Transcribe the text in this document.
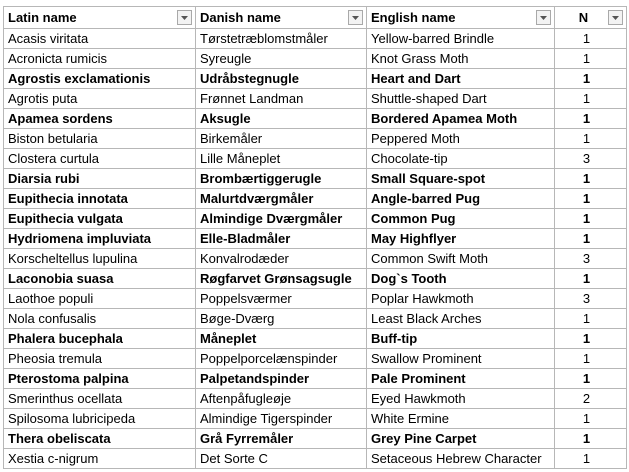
Latin name	Danish name	English name	N

Acasis viritata	Tørstetræblomstmåler	Yellow-barred Brindle	1
Acronicta rumicis	Syreugle	Knot Grass Moth	1
Agrostis exclamationis	Udråbstegnugle	Heart and Dart	1
Agrotis puta	Frønnet Landman	Shuttle-shaped Dart	1
Apamea sordens	Aksugle	Bordered Apamea Moth	1
Biston betularia	Birkemåler	Peppered Moth	1
Clostera curtula	Lille Måneplet	Chocolate-tip	3
Diarsia rubi	Brombærtiggerugle	Small Square-spot	1
Eupithecia innotata	Malurtdværgmåler	Angle-barred Pug	1
Eupithecia vulgata	Almindige Dværgmåler	Common Pug	1
Hydriomena impluviata	Elle-Bladmåler	May Highflyer	1
Korscheltellus lupulina	Konvalrodæder	Common Swift Moth	3
Laconobia suasa	Røgfarvet Grønsagsugle	Dog`s Tooth	1
Laothoe populi	Poppelsværmer	Poplar Hawkmoth	3
Nola confusalis	Bøge-Dværg	Least Black Arches	1
Phalera bucephala	Måneplet	Buff-tip	1
Pheosia tremula	Poppelporcelænspinder	Swallow Prominent	1
Pterostoma palpina	Palpetandspinder	Pale Prominent	1
Smerinthus ocellata	Aftenpåfugleøje	Eyed Hawkmoth	2
Spilosoma lubricipeda	Almindige Tigerspinder	White Ermine	1
Thera obeliscata	Grå Fyrremåler	Grey Pine Carpet	1
Xestia c-nigrum	Det Sorte C	Setaceous Hebrew Character	1
